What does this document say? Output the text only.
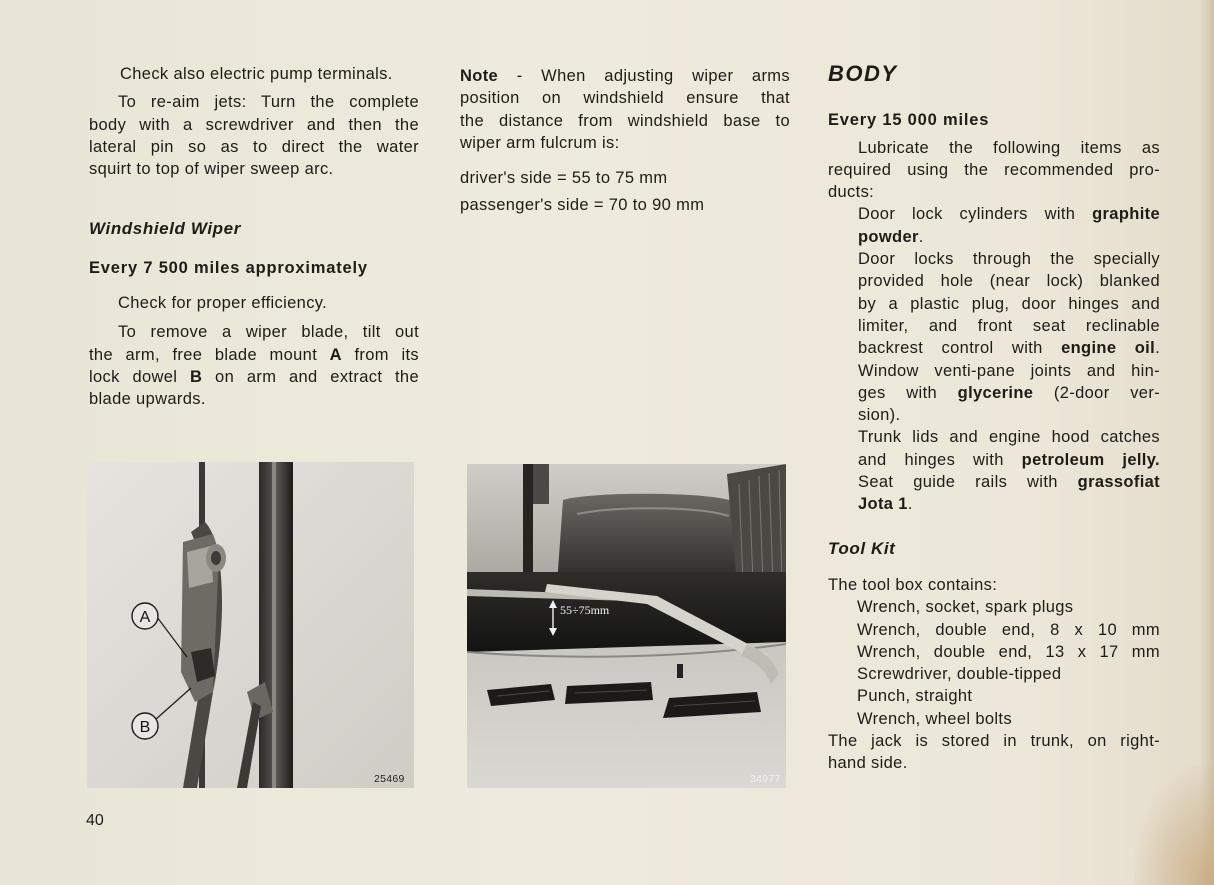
Check also electric pump terminals.

To re-aim jets: Turn the complete

body with a screwdriver and then the

lateral pin so as to direct the water

squirt to top of wiper sweep arc.

Windshield Wiper

Every 7 500 miles approximately

Check for proper efficiency.

To remove a wiper blade, tilt out

the arm, free blade mount A from its

lock dowel B on arm and extract the

blade upwards.

A
B
25469

Note - When adjusting wiper arms

position on windshield ensure that

the distance from windshield base to

wiper arm fulcrum is:

driver's side = 55 to 75 mm

passenger's side = 70 to 90 mm

55÷75mm
34977

BODY

Every 15 000 miles

Lubricate the following items as

required using the recommended pro-

ducts:

Door lock cylinders with graphite

powder.

Door locks through the specially

provided hole (near lock) blanked

by a plastic plug, door hinges and

limiter, and front seat reclinable

backrest control with engine oil.

Window venti-pane joints and hin-

ges with glycerine (2-door ver-

sion).

Trunk lids and engine hood catches

and hinges with petroleum jelly.

Seat guide rails with grassofiat

Jota 1.

Tool Kit

The tool box contains:

Wrench, socket, spark plugs

Wrench, double end, 8 x 10 mm

Wrench, double end, 13 x 17 mm

Screwdriver, double-tipped

Punch, straight

Wrench, wheel bolts

The jack is stored in trunk, on right-

hand side.

40
